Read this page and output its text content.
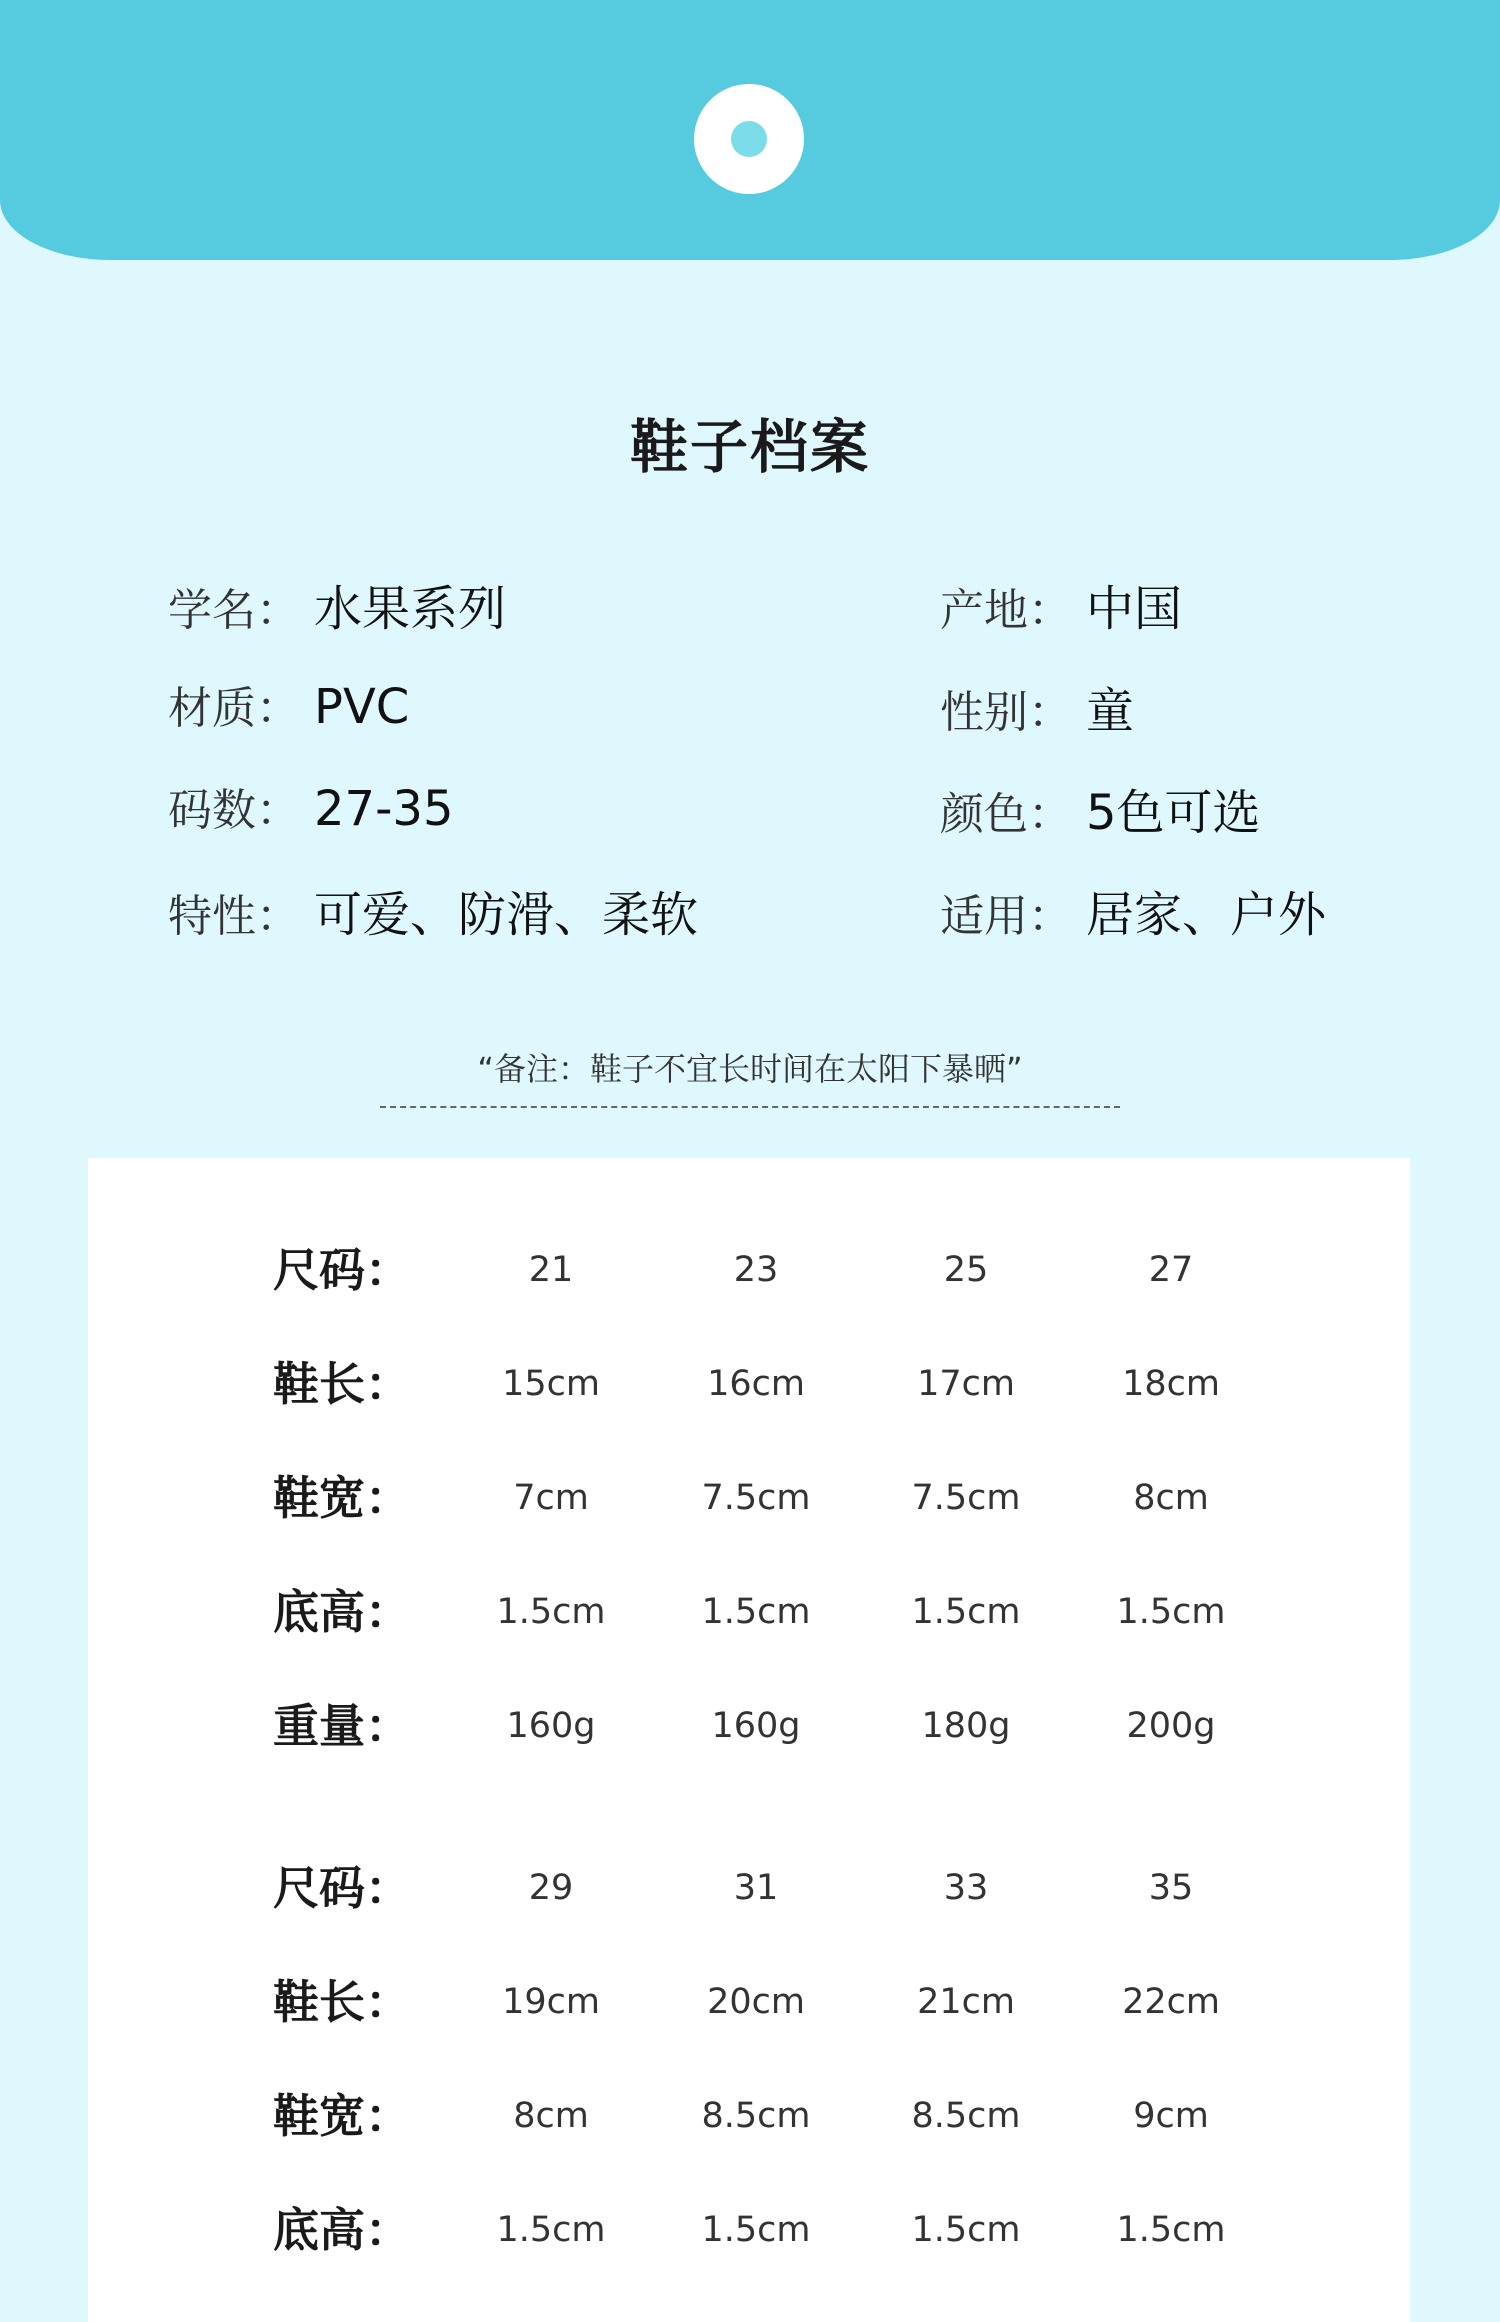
鞋子档案
学名： 水果系列	产地： 中国
材质： PVC	性别： 童
码数： 27-35	颜色： 5色可选
特性： 可爱、防滑、柔软	适用： 居家、户外
“备注：鞋子不宜长时间在太阳下暴晒”
尺码：	21	23	25	27
鞋长：	15cm	16cm	17cm	18cm
鞋宽：	7cm	7.5cm	7.5cm	8cm
底高：	1.5cm	1.5cm	1.5cm	1.5cm
重量：	160g	160g	180g	200g
尺码：	29	31	33	35
鞋长：	19cm	20cm	21cm	22cm
鞋宽：	8cm	8.5cm	8.5cm	9cm
底高：	1.5cm	1.5cm	1.5cm	1.5cm
